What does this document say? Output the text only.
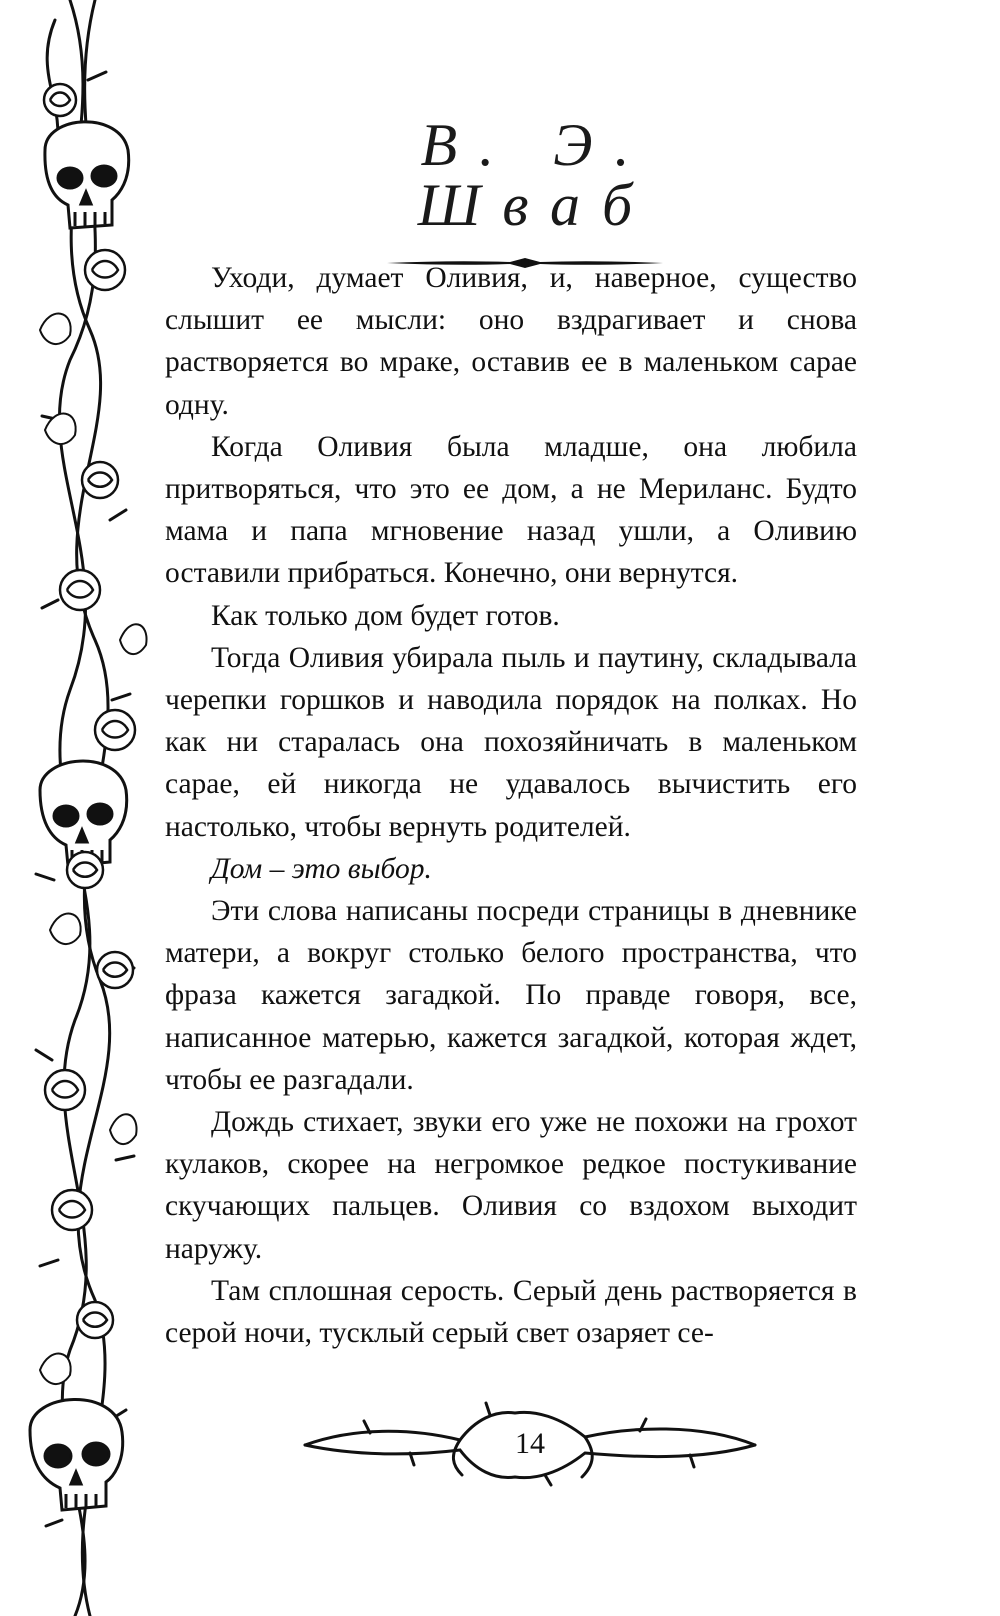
В. Э. Шваб

Уходи, думает Оливия, и, наверное, существо слышит ее мысли: оно вздрагивает и снова растворяется во мраке, оставив ее в маленьком сарае одну.

Когда Оливия была младше, она любила притворяться, что это ее дом, а не Мериланс. Будто мама и папа мгновение назад ушли, а Оливию оставили прибраться. Конечно, они вернутся.

Как только дом будет готов.

Тогда Оливия убирала пыль и паутину, складывала черепки горшков и наводила порядок на полках. Но как ни старалась она похозяйничать в маленьком сарае, ей никогда не удавалось вычистить его настолько, чтобы вернуть родителей.

Дом – это выбор.

Эти слова написаны посреди страницы в дневнике матери, а вокруг столько белого пространства, что фраза кажется загадкой. По правде говоря, все, написанное матерью, кажется загадкой, которая ждет, чтобы ее разгадали.

Дождь стихает, звуки его уже не похожи на грохот кулаков, скорее на негромкое редкое постукивание скучающих пальцев. Оливия со вздохом выходит наружу.

Там сплошная серость. Серый день растворяется в серой ночи, тусклый серый свет озаряет се-

14
